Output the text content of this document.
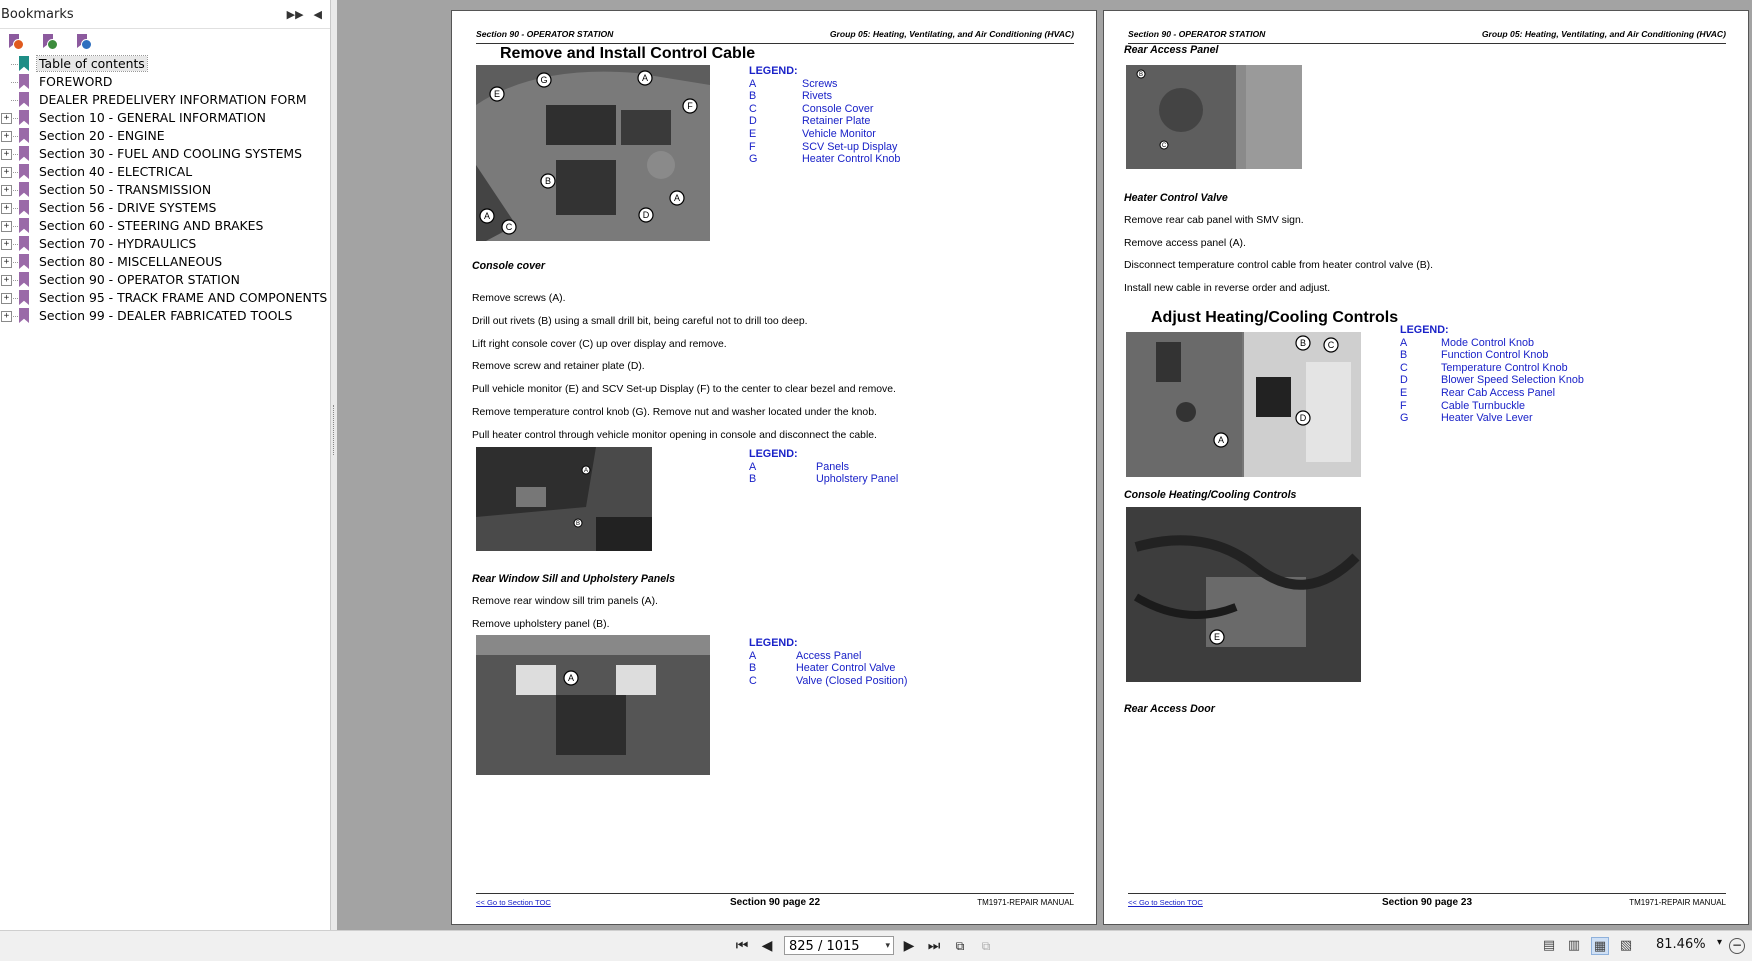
Bookmarks	▶▶ ◀
Table of contents
FOREWORD
DEALER PREDELIVERY INFORMATION FORM
+ Section 10 - GENERAL INFORMATION
+ Section 20 - ENGINE
+ Section 30 - FUEL AND COOLING SYSTEMS
+ Section 40 - ELECTRICAL
+ Section 50 - TRANSMISSION
+ Section 56 - DRIVE SYSTEMS
+ Section 60 - STEERING AND BRAKES
+ Section 70 - HYDRAULICS
+ Section 80 - MISCELLANEOUS
+ Section 90 - OPERATOR STATION
+ Section 95 - TRACK FRAME AND COMPONENTS
+ Section 99 - DEALER FABRICATED TOOLS
Section 90 - OPERATOR STATION	Group 05: Heating, Ventilating, and Air Conditioning (HVAC)
Remove and Install Control Cable
G	A
E
F
B
A
D
A
C
LEGEND:
A	Screws
B	Rivets
C	Console Cover
D	Retainer Plate
E	Vehicle Monitor
F	SCV Set-up Display
G	Heater Control Knob
Console cover
Remove screws (A).
Drill out rivets (B) using a small drill bit, being careful not to drill too deep.
Lift right console cover (C) up over display and remove.
Remove screw and retainer plate (D).
Pull vehicle monitor (E) and SCV Set-up Display (F) to the center to clear bezel and remove.
Remove temperature control knob (G). Remove nut and washer located under the knob.
Pull heater control through vehicle monitor opening in console and disconnect the cable.
A
B
LEGEND:
A	Panels
B	Upholstery Panel
Rear Window Sill and Upholstery Panels
Remove rear window sill trim panels (A).
Remove upholstery panel (B).
A
LEGEND:
A	Access Panel
B	Heater Control Valve
C	Valve (Closed Position)
<< Go to Section TOC	Section 90 page 22	TM1971-REPAIR MANUAL
Section 90 - OPERATOR STATION	Group 05: Heating, Ventilating, and Air Conditioning (HVAC)
Rear Access Panel
B
C
Heater Control Valve
Remove rear cab panel with SMV sign.
Remove access panel (A).
Disconnect temperature control cable from heater control valve (B).
Install new cable in reverse order and adjust.
Adjust Heating/Cooling Controls
B C
A
D
LEGEND:
A	Mode Control Knob
B	Function Control Knob
C	Temperature Control Knob
D	Blower Speed Selection Knob
E	Rear Cab Access Panel
F	Cable Turnbuckle
G	Heater Valve Lever
Console Heating/Cooling Controls
E
Rear Access Door
<< Go to Section TOC	Section 90 page 23	TM1971-REPAIR MANUAL
⏮ ◀	825 / 1015	▾ ▶ ⏭	⧉	⧉	▤ ▥ ▦ ▧ 81.46% ▾ −
